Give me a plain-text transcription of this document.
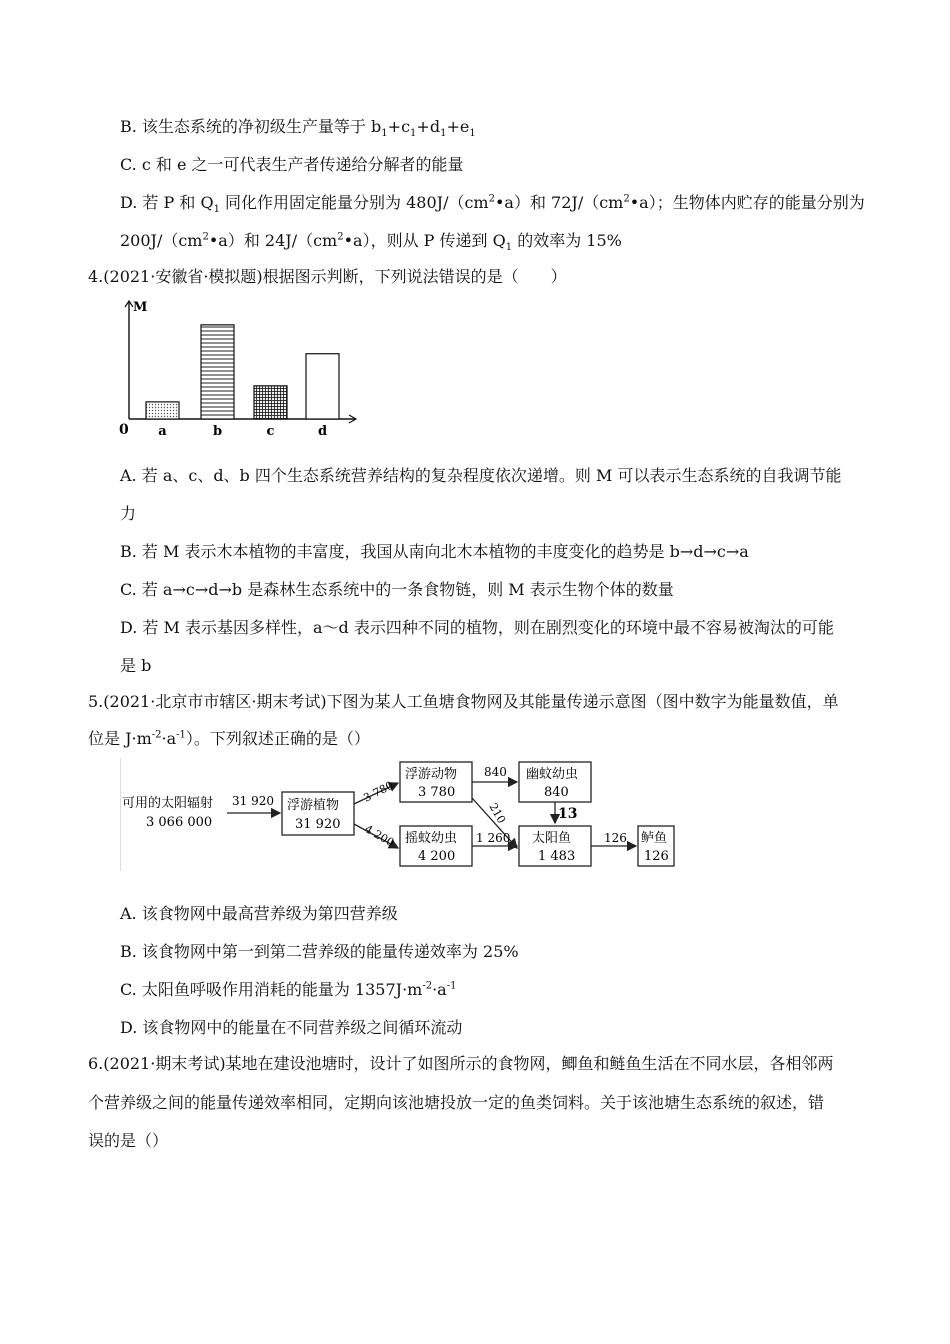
B. 该生态系统的净初级生产量等于 $b_1+c_1+d_1+e_1$
C. c 和 e 之一可代表生产者传递给分解者的能量
D. 若 P 和 $Q_1$ 同化作用固定能量分别为 $480J/(cm^2•a)$和 $72J/(cm^2•a)$；生物体内贮存的能量分别为
$200J/(cm^2•a)$和 $24J/(cm^2•a)$，则从 P 传递到 $Q_1$ 的效率为 15%
4.(2021·安徽省·模拟题)根据图示判断，下列说法错误的是（　　）
M
0 a	b	c	d
A. 若 a、c、d、b 四个生态系统营养结构的复杂程度依次递增。则 M 可以表示生态系统的自我调节能
力
B. 若 M 表示木本植物的丰富度，我国从南向北木本植物的丰度变化的趋势是 b→d→c→a
C. 若 a→c→d→b 是森林生态系统中的一条食物链，则 M 表示生物个体的数量
D. 若 M 表示基因多样性，a～d 表示四种不同的植物，则在剧烈变化的环境中最不容易被淘汰的可能
是 b
5.(2021·北京市市辖区·期末考试)下图为某人工鱼塘食物网及其能量传递示意图（图中数字为能量数值，单
位是 $J\cdot m^{-2}\cdot a^{-1}$）。下列叙述正确的是（）
可用的太阳辐射
3 066 000
31 920 浮游植物
31 920
3 780
4 200
浮游动物
3 780
摇蚊幼虫
4 200
840
210
1 260
幽蚊幼虫
840
13
太阳鱼
1 483
126 鲈鱼
126
A. 该食物网中最高营养级为第四营养级
B. 该食物网中第一到第二营养级的能量传递效率为 25%
C. 太阳鱼呼吸作用消耗的能量为 $1357J\cdot m^{-2}\cdot a^{-1}$
D. 该食物网中的能量在不同营养级之间循环流动
6.(2021·期末考试)某地在建设池塘时，设计了如图所示的食物网，鲫鱼和鲢鱼生活在不同水层，各相邻两
个营养级之间的能量传递效率相同，定期向该池塘投放一定的鱼类饲料。关于该池塘生态系统的叙述，错
误的是（）
